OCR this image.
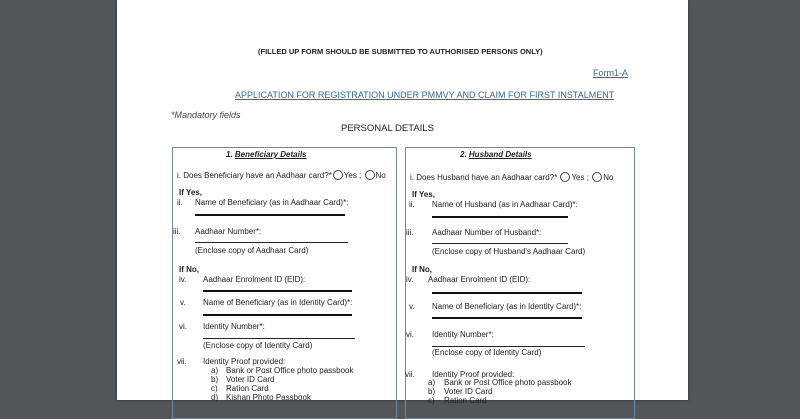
(FILLED UP FORM SHOULD BE SUBMITTED TO AUTHORISED PERSONS ONLY)
Form1-A
APPLICATION FOR REGISTRATION UNDER PMMVY AND CLAIM FOR FIRST INSTALMENT
*Mandatory fields
PERSONAL DETAILS
1. Beneficiary Details
i. Does Beneficiary have an Aadhaar card?* Yes ; No
If Yes,
ii. Name of Beneficiary (as in Aadhaar Card)*:
iii. Aadhaar Number*:
(Enclose copy of Aadhaar Card)
If No,
iv. Aadhaar Enrolment ID (EID):
v. Name of Beneficiary (as in Identity Card)*:
vi. Identity Number*:
(Enclose copy of Identity Card)
vii. Identity Proof provided:
a) Bank or Post Office photo passbook
b) Voter ID Card
c) Ration Card
d) Kishan Photo Passbook
2. Husband Details
i. Does Husband have an Aadhaar card?* Yes ; No
If Yes,
ii. Name of Husband (as in Aadhaar Card)*:
iii. Aadhaar Number of Husband*:
(Enclose copy of Husband's Aadhaar Card)
If No,
iv. Aadhaar Enrolment ID (EID):
v. Name of Beneficiary (as in Identity Card)*:
vi. Identity Number*:
(Enclose copy of Identity Card)
vii. Identity Proof provided:
a) Bank or Post Office photo passbook
b) Voter ID Card
c) Ration Card
